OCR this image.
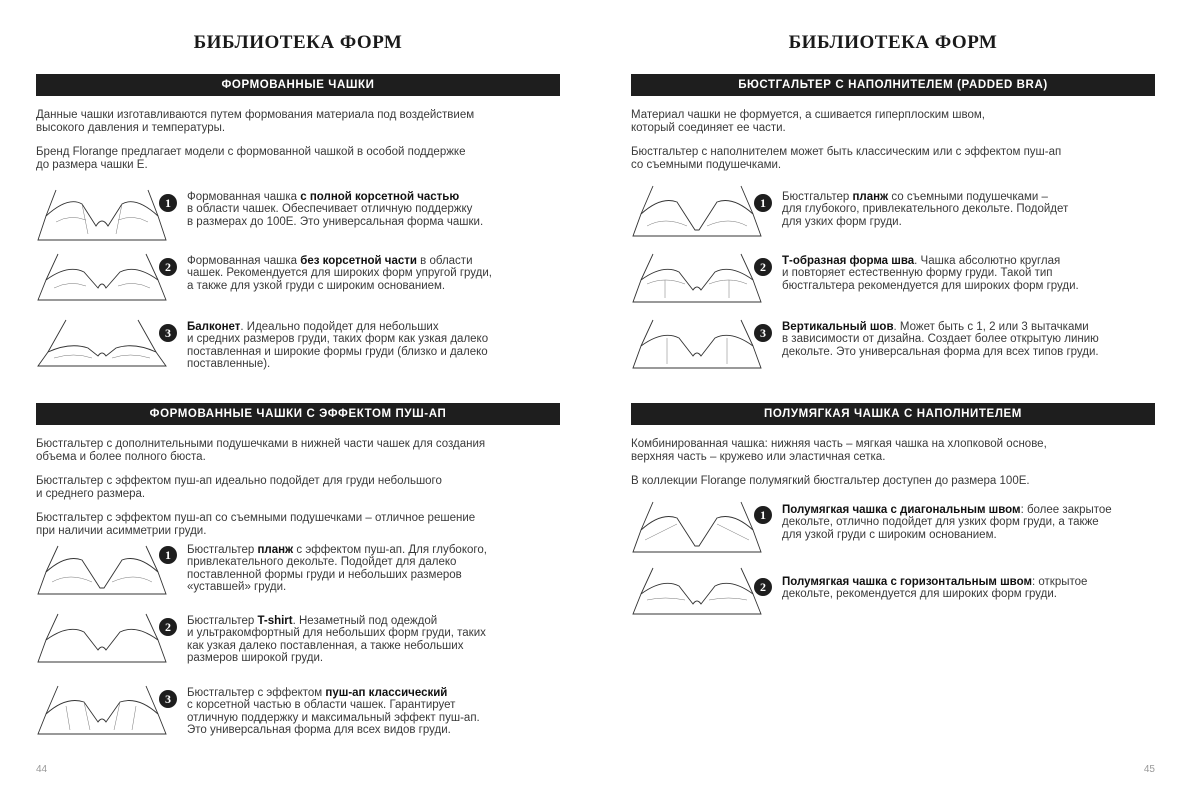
БИБЛИОТЕКА ФОРМ
ФОРМОВАННЫЕ ЧАШКИ
Данные чашки изготавливаются путем формования материала под воздействием
высокого давления и температуры.
Бренд Florange предлагает модели с формованной чашкой в особой поддержке
до размера чашки Е.
1	Формованная чашка с полной корсетной частью
в области чашек. Обеспечивает отличную поддержку
в размерах до 100Е. Это универсальная форма чашки.
2	Формованная чашка без корсетной части в области
чашек. Рекомендуется для широких форм упругой груди,
а также для узкой груди с широким основанием.
3	Балконет. Идеально подойдет для небольших
и средних размеров груди, таких форм как узкая далеко
поставленная и широкие формы груди (близко и далеко
поставленные).
ФОРМОВАННЫЕ ЧАШКИ С ЭФФЕКТОМ ПУШ-АП
Бюстгальтер с дополнительными подушечками в нижней части чашек для создания
объема и более полного бюста.
Бюстгальтер с эффектом пуш-ап идеально подойдет для груди небольшого
и среднего размера.
Бюстгальтер с эффектом пуш-ап со съемными подушечками – отличное решение
при наличии асимметрии груди.
1	Бюстгальтер планж с эффектом пуш-ап. Для глубокого,
привлекательного декольте. Подойдет для далеко
поставленной формы груди и небольших размеров
«уставшей» груди.
2	Бюстгальтер T-shirt. Незаметный под одеждой
и ультракомфортный для небольших форм груди, таких
как узкая далеко поставленная, а также небольших
размеров широкой груди.
3	Бюстгальтер с эффектом пуш-ап классический
с корсетной частью в области чашек. Гарантирует
отличную поддержку и максимальный эффект пуш-ап.
Это универсальная форма для всех видов груди.
44
БИБЛИОТЕКА ФОРМ
БЮСТГАЛЬТЕР С НАПОЛНИТЕЛЕМ (PADDED BRA)
Материал чашки не формуется, а сшивается гиперплоским швом,
который соединяет ее части.
Бюстгальтер с наполнителем может быть классическим или с эффектом пуш-ап
со съемными подушечками.
1	Бюстгальтер планж со съемными подушечками –
для глубокого, привлекательного декольте. Подойдет
для узких форм груди.
2	Т-образная форма шва. Чашка абсолютно круглая
и повторяет естественную форму груди. Такой тип
бюстгальтера рекомендуется для широких форм груди.
3	Вертикальный шов. Может быть с 1, 2 или 3 вытачками
в зависимости от дизайна. Создает более открытую линию
декольте. Это универсальная форма для всех типов груди.
ПОЛУМЯГКАЯ ЧАШКА С НАПОЛНИТЕЛЕМ
Комбинированная чашка: нижняя часть – мягкая чашка на хлопковой основе,
верхняя часть – кружево или эластичная сетка.
В коллекции Florange полумягкий бюстгальтер доступен до размера 100Е.
1	Полумягкая чашка с диагональным швом: более закрытое
декольте, отлично подойдет для узких форм груди, а также
для узкой груди с широким основанием.
2	Полумягкая чашка с горизонтальным швом: открытое
декольте, рекомендуется для широких форм груди.
45
